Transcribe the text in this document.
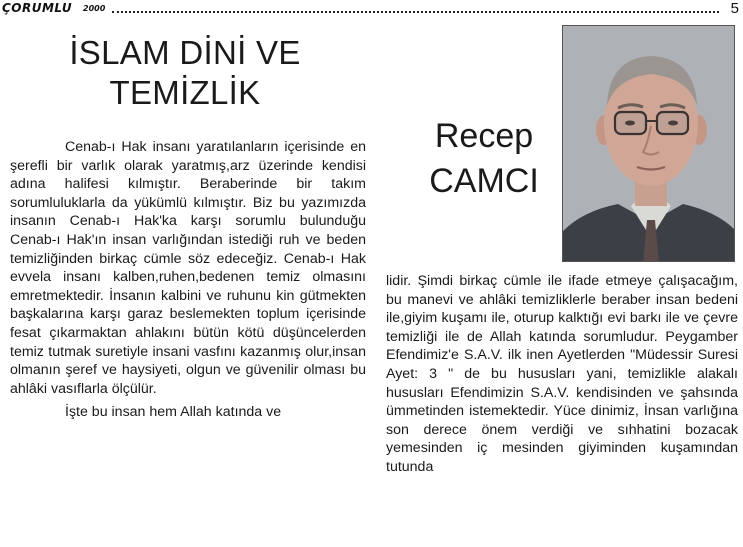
ÇORUMLU 2000	5
İSLAM DİNİ VE
TEMİZLİK

Cenab-ı Hak insanı yaratılanların içerisinde en şerefli bir varlık olarak yaratmış,arz üzerinde kendisi adına halifesi kılmıştır. Beraberinde bir takım sorumluluklarla da yükümlü kılmıştır. Biz bu yazımızda insanın Cenab-ı Hak'ka karşı sorumlu bulunduğu Cenab-ı Hak'ın insan varlığından istediği ruh ve beden temizliğinden birkaç cümle söz edeceğiz. Cenab-ı Hak evvela insanı kalben,ruhen,bedenen temiz olmasını emretmektedir. İnsanın kalbini ve ruhunu kin gütmekten başkalarına karşı garaz beslemekten toplum içerisinde fesat çıkarmaktan ahlakını bütün kötü düşüncelerden temiz tutmak suretiyle insani vasfını kazanmış olur,insan olmanın şeref ve haysiyeti, olgun ve güvenilir olması bu ahlâki vasıflarla ölçülür.

İşte bu insan hem Allah katında ve

Recep
CAMCI

lidir. Şimdi birkaç cümle ile ifade etmeye çalışacağım, bu manevi ve ahlâki temizliklerle beraber insan bedeni ile,giyim kuşamı ile, oturup kalktığı evi barkı ile ve çevre temizliği ile de Allah katında sorumludur. Peygamber Efendimiz'e S.A.V. ilk inen Ayetlerden "Müdessir Suresi Ayet: 3 " de bu hususları yani, temizlikle alakalı hususları Efendimizin S.A.V. kendisinden ve şahsında ümmetinden istemektedir. Yüce dinimiz, İnsan varlığına son derece önem verdiği ve sıhhatini bozacak yemesinden iç mesinden giyiminden kuşamından tutunda
